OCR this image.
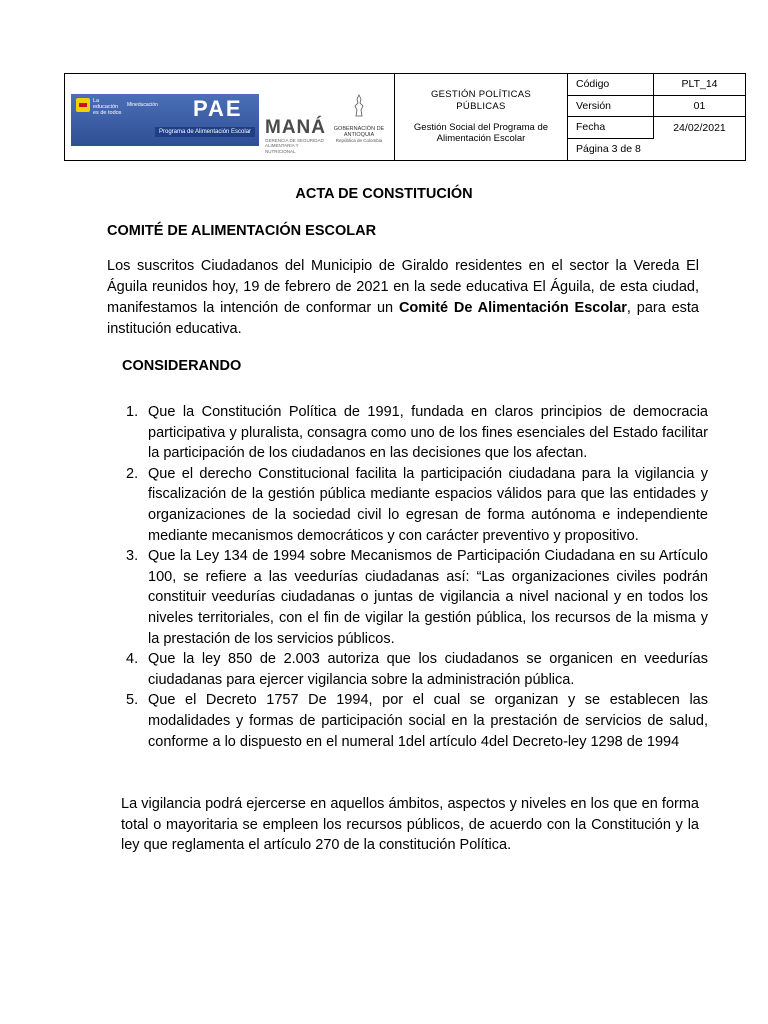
La educación es de todos
Mineducación PAE
Programa de Alimentación Escolar MANÁ
GERENCIA DE SEGURIDAD ALIMENTARIA Y NUTRICIONAL
GOBERNACIÓN DE ANTIOQUIA
República de Colombia
GESTIÓN POLÍTICAS PÚBLICAS
Gestión Social del Programa de Alimentación Escolar
Código	PLT_14
Versión	01
Fecha	24/02/2021
Página 3 de 8
ACTA DE CONSTITUCIÓN
COMITÉ DE ALIMENTACIÓN ESCOLAR
Los suscritos Ciudadanos del Municipio de Giraldo residentes en el sector la Vereda El Águila reunidos hoy, 19 de febrero de 2021 en la sede educativa El Águila, de esta ciudad, manifestamos la intención de conformar un Comité De Alimentación Escolar, para esta institución educativa.
CONSIDERANDO
1. Que la Constitución Política de 1991, fundada en claros principios de democracia participativa y pluralista, consagra como uno de los fines esenciales del Estado facilitar la participación de los ciudadanos en las decisiones que los afectan.
2. Que el derecho Constitucional facilita la participación ciudadana para la vigilancia y fiscalización de la gestión pública mediante espacios válidos para que las entidades y organizaciones de la sociedad civil lo egresan de forma autónoma e independiente mediante mecanismos democráticos y con carácter preventivo y propositivo.
3. Que la Ley 134 de 1994 sobre Mecanismos de Participación Ciudadana en su Artículo 100, se refiere a las veedurías ciudadanas así: “Las organizaciones civiles podrán constituir veedurías ciudadanas o juntas de vigilancia a nivel nacional y en todos los niveles territoriales, con el fin de vigilar la gestión pública, los recursos de la misma y la prestación de los servicios públicos.
4. Que la ley 850 de 2.003 autoriza que los ciudadanos se organicen en veedurías ciudadanas para ejercer vigilancia sobre la administración pública.
5. Que el Decreto 1757 De 1994, por el cual se organizan y se establecen las modalidades y formas de participación social en la prestación de servicios de salud, conforme a lo dispuesto en el numeral 1del artículo 4del Decreto-ley 1298 de 1994
La vigilancia podrá ejercerse en aquellos ámbitos, aspectos y niveles en los que en forma total o mayoritaria se empleen los recursos públicos, de acuerdo con la Constitución y la ley que reglamenta el artículo 270 de la constitución Política.
